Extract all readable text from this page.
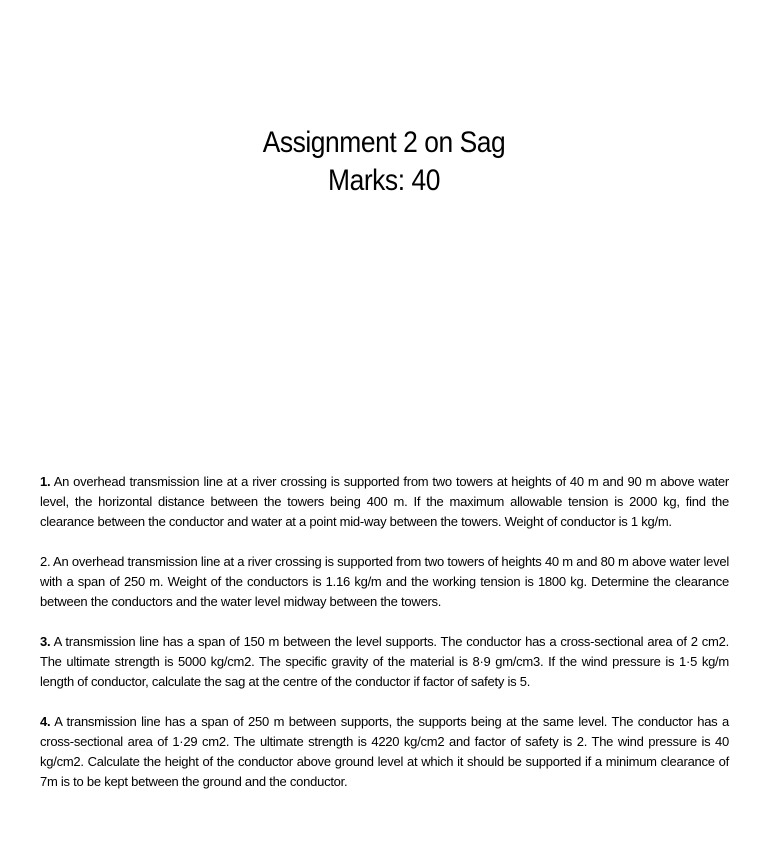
Assignment 2 on Sag
Marks: 40

1. An overhead transmission line at a river crossing is supported from two towers at heights of 40 m and 90 m above water level, the horizontal distance between the towers being 400 m. If the maximum allowable tension is 2000 kg, find the clearance between the conductor and water at a point mid-way between the towers. Weight of conductor is 1 kg/m.

2. An overhead transmission line at a river crossing is supported from two towers of heights 40 m and 80 m above water level with a span of 250 m. Weight of the conductors is 1.16 kg/m and the working tension is 1800 kg. Determine the clearance between the conductors and the water level midway between the towers.

3. A transmission line has a span of 150 m between the level supports. The conductor has a cross-sectional area of 2 cm2. The ultimate strength is 5000 kg/cm2. The specific gravity of the material is 8·9 gm/cm3. If the wind pressure is 1·5 kg/m length of conductor, calculate the sag at the centre of the conductor if factor of safety is 5.

4. A transmission line has a span of 250 m between supports, the supports being at the same level. The conductor has a cross-sectional area of 1·29 cm2. The ultimate strength is 4220 kg/cm2 and factor of safety is 2. The wind pressure is 40 kg/cm2. Calculate the height of the conductor above ground level at which it should be supported if a minimum clearance of 7m is to be kept between the ground and the conductor.
